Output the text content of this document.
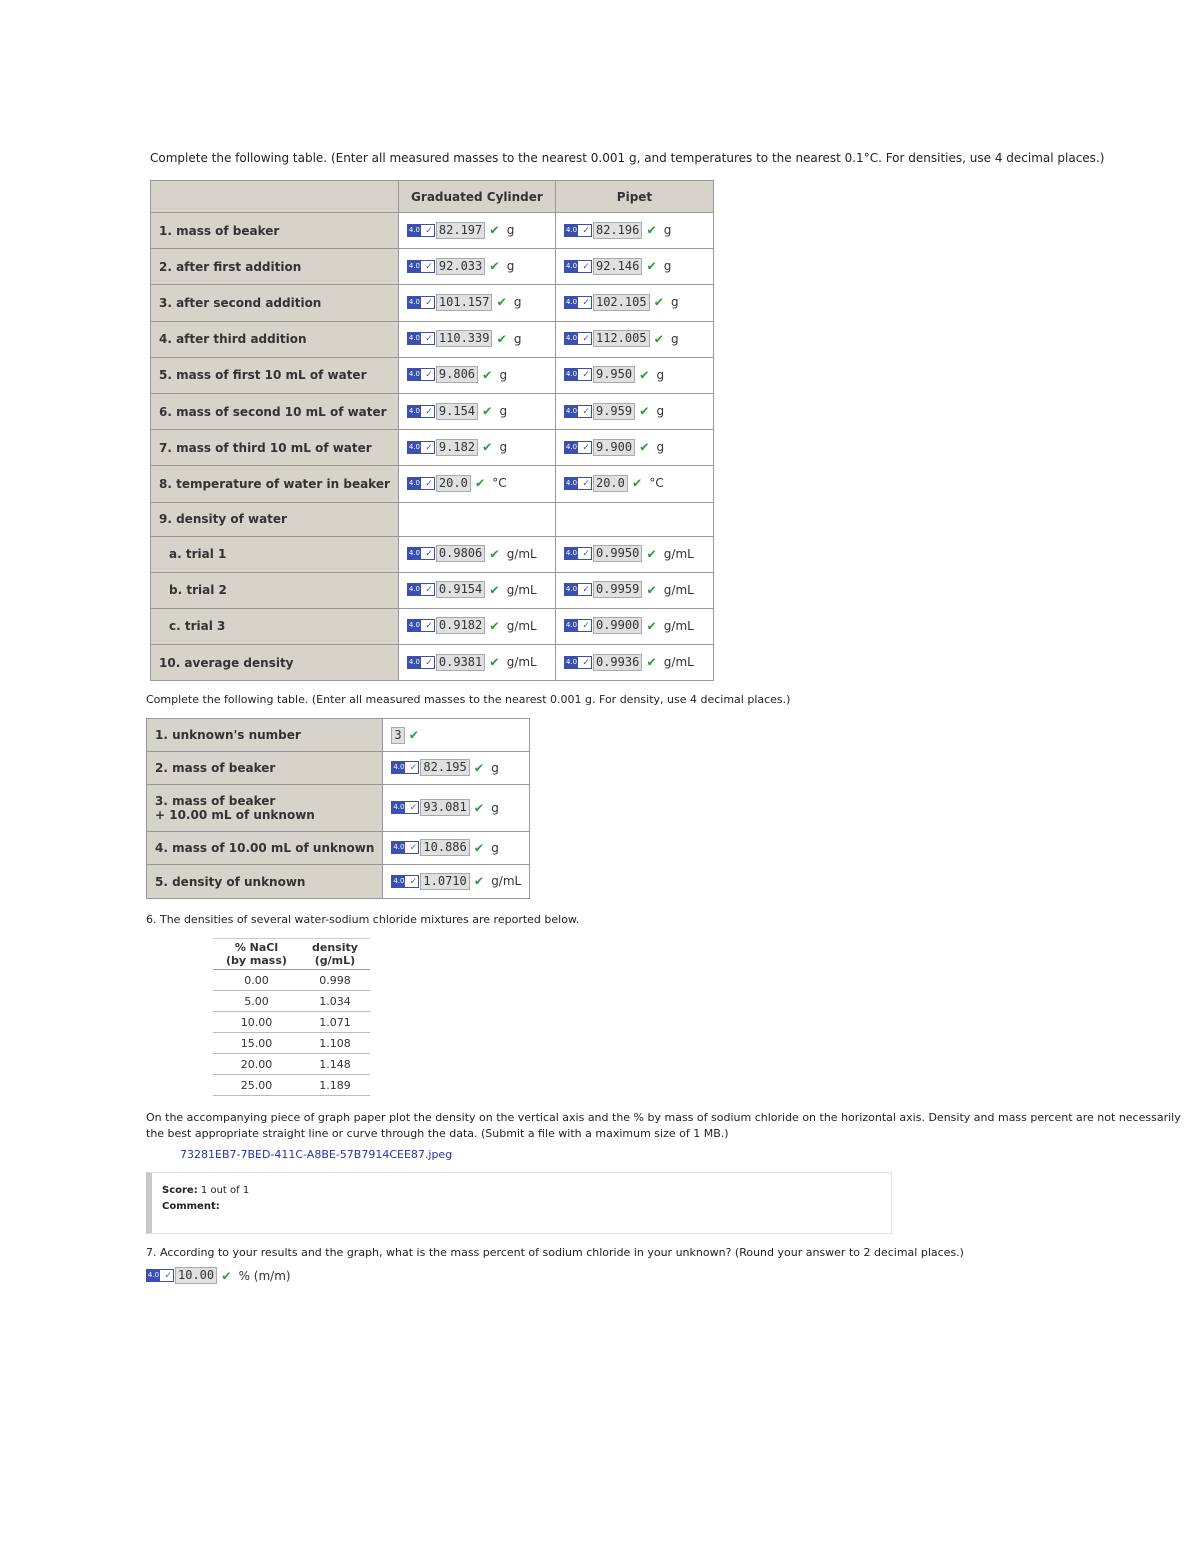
Complete the following table. (Enter all measured masses to the nearest 0.001 g, and temperatures to the nearest 0.1°C. For densities, use 4 decimal places.)
	Graduated Cylinder	Pipet
1. mass of beaker	4.0 ✓ 82.197 ✔ g	4.0 ✓ 82.196 ✔ g

2. after first addition	4.0 ✓ 92.033 ✔ g	4.0 ✓ 92.146 ✔ g

3. after second addition	4.0 ✓ 101.157 ✔ g	4.0 ✓ 102.105 ✔ g

4. after third addition	4.0 ✓ 110.339 ✔ g	4.0 ✓ 112.005 ✔ g

5. mass of first 10 mL of water	4.0 ✓ 9.806 ✔ g	4.0 ✓ 9.950 ✔ g

6. mass of second 10 mL of water	4.0 ✓ 9.154 ✔ g	4.0 ✓ 9.959 ✔ g

7. mass of third 10 mL of water	4.0 ✓ 9.182 ✔ g	4.0 ✓ 9.900 ✔ g

8. temperature of water in beaker	4.0 ✓ 20.0 ✔ °C	4.0 ✓ 20.0 ✔ °C

9. density of water		
a. trial 1	4.0 ✓ 0.9806 ✔ g/mL	4.0 ✓ 0.9950 ✔ g/mL

b. trial 2	4.0 ✓ 0.9154 ✔ g/mL	4.0 ✓ 0.9959 ✔ g/mL

c. trial 3	4.0 ✓ 0.9182 ✔ g/mL	4.0 ✓ 0.9900 ✔ g/mL

10. average density	4.0 ✓ 0.9381 ✔ g/mL	4.0 ✓ 0.9936 ✔ g/mL
Complete the following table. (Enter all measured masses to the nearest 0.001 g. For density, use 4 decimal places.)
1. unknown's number	3 ✔

2. mass of beaker	4.0 ✓ 82.195 ✔ g

3. mass of beaker
+ 10.00 mL of unknown	4.0 ✓ 93.081 ✔ g

4. mass of 10.00 mL of unknown	4.0 ✓ 10.886 ✔ g

5. density of unknown	4.0 ✓ 1.0710 ✔ g/mL
6. The densities of several water-sodium chloride mixtures are reported below.
% NaCl
(by mass)	density
(g/mL)
0.00	0.998
5.00	1.034
10.00	1.071
15.00	1.108
20.00	1.148
25.00	1.189
On the accompanying piece of graph paper plot the density on the vertical axis and the % by mass of sodium chloride on the horizontal axis. Density and mass percent are not necessarily
the best appropriate straight line or curve through the data. (Submit a file with a maximum size of 1 MB.)
73281EB7-7BED-411C-A8BE-57B7914CEE87.jpeg
Score: 1 out of 1
Comment:
7. According to your results and the graph, what is the mass percent of sodium chloride in your unknown? (Round your answer to 2 decimal places.)
4.0 ✓ 10.00 ✔ % (m/m)
